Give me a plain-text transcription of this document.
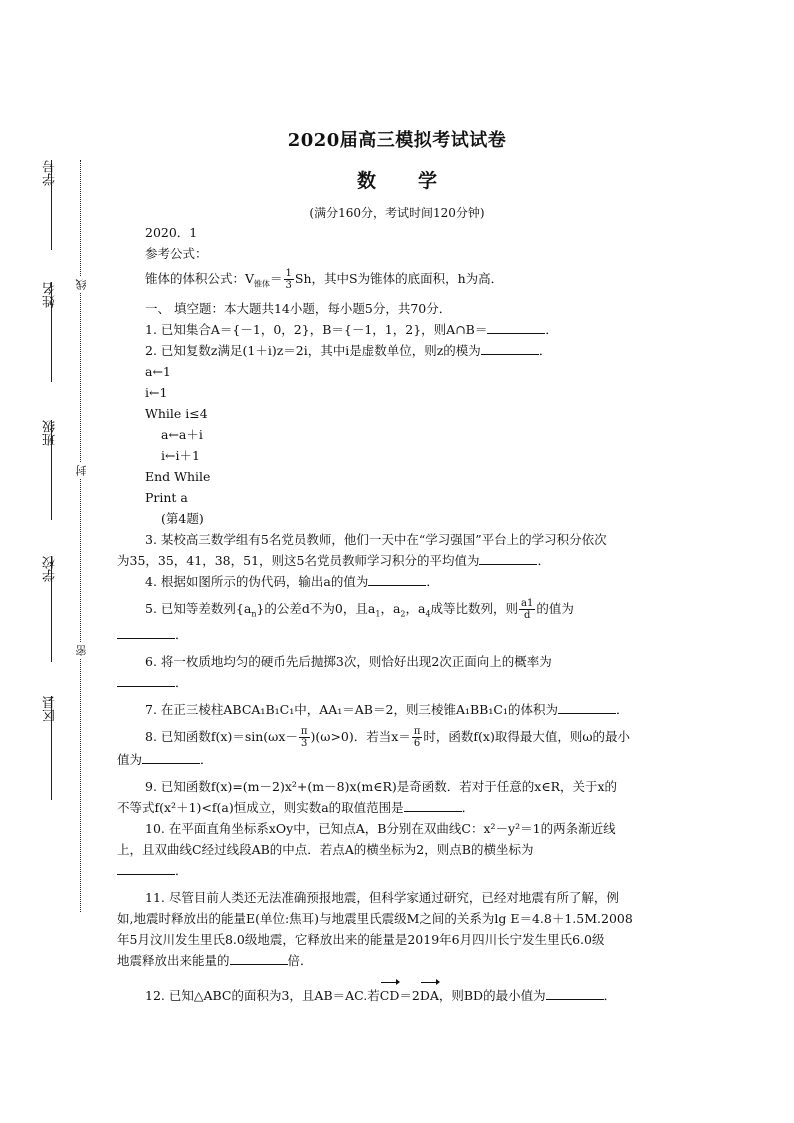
学号
姓名
班级
学校
区县
线
封
密
2020届高三模拟考试试卷
数学
(满分160分，考试时间120分钟)

2020．1

参考公式：

锥体的体积公式：$V_{锥体}= \frac{1}{3}$ Sh，其中S为锥体的底面积，h为高．

一、 填空题：本大题共14小题，每小题5分，共70分．

1. 已知集合A＝{－1，0，2}，B＝{－1，1，2}，则A∩B＝	．

2. 已知复数z满足(1＋i)z＝2i，其中i是虚数单位，则z的模为	．

a←1

i←1

While i≤4

a←a＋i

i←i＋1

End While

Print a

(第4题)

3. 某校高三数学组有5名党员教师，他们一天中在“学习强国”平台上的学习积分依次

为35，35，41，38，51，则这5名党员教师学习积分的平均值为	．

4. 根据如图所示的伪代码，输出a的值为	．

5. 已知等差数列$\{a_n\}$的公差d不为0，且$a_1$，$a_2$，$a_4$成等比数列，则 $\frac{a1}{d}$ 的值为

．

6. 将一枚质地均匀的硬币先后抛掷3次，则恰好出现2次正面向上的概率为

．

7. 在正三棱柱ABCA₁B₁C₁中，AA₁＝AB＝2，则三棱锥A₁BB₁C₁的体积为	．

8. 已知函数$f(x)=\sin(\omega x- \frac{\pi}{3} )(\omega>0)$．若当$x= \frac{\pi}{6}$ 时，函数f(x)取得最大值，则ω的最小

值为	．

9. 已知函数f(x)=(m－2)x²+(m－8)x(m∈R)是奇函数．若对于任意的x∈R，关于x的

不等式f(x²＋1)<f(a)恒成立，则实数a的取值范围是	．

10. 在平面直角坐标系xOy中，已知点A，B分别在双曲线C：x²－y²＝1的两条渐近线

上，且双曲线C经过线段AB的中点．若点A的横坐标为2，则点B的横坐标为

．

11. 尽管目前人类还无法准确预报地震，但科学家通过研究，已经对地震有所了解，例

如,地震时释放出的能量E(单位:焦耳)与地震里氏震级M之间的关系为lg E＝4.8＋1.5M.2008

年5月汶川发生里氏8.0级地震，它释放出来的能量是2019年6月四川长宁发生里氏6.0级

地震释放出来能量的	倍．

12. 已知△ABC的面积为3，且AB＝AC.若CD＝2DA，则BD的最小值为	．
